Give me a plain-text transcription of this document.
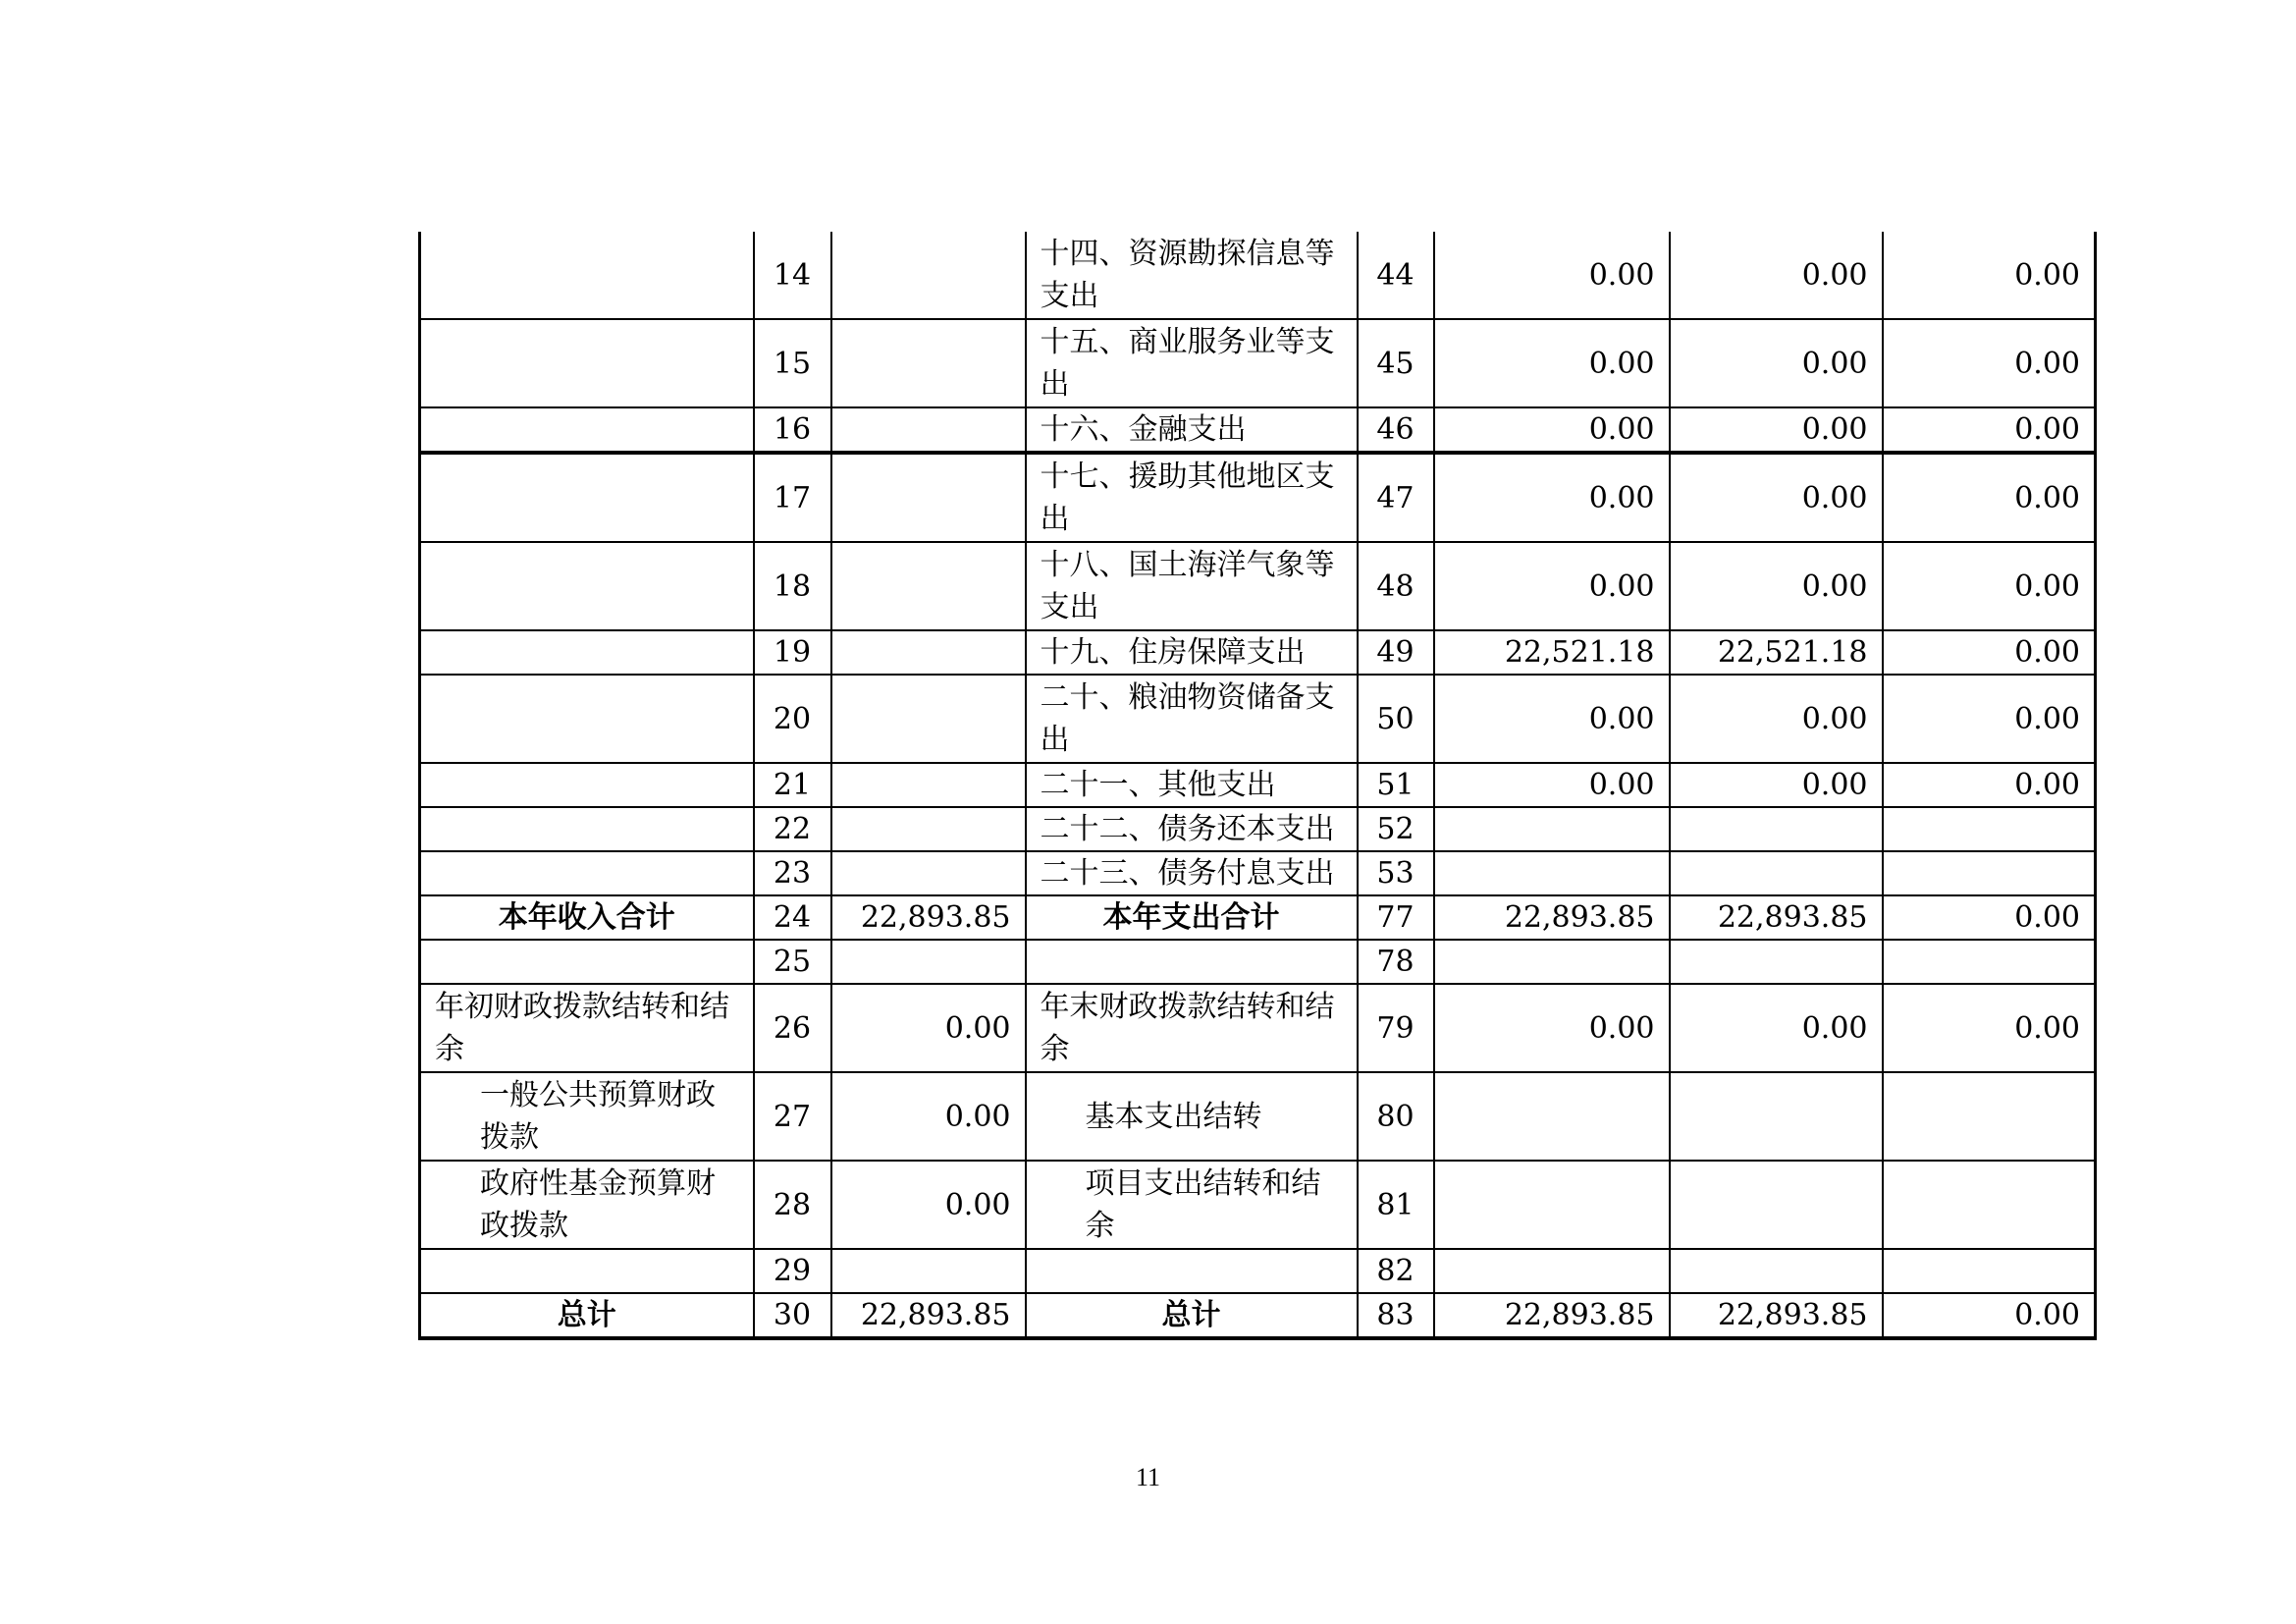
	14		十四、资源勘探信息等支出	44	0.00	0.00	0.00
	15		十五、商业服务业等支出	45	0.00	0.00	0.00
	16		十六、金融支出	46	0.00	0.00	0.00
	17		十七、援助其他地区支出	47	0.00	0.00	0.00
	18		十八、国土海洋气象等支出	48	0.00	0.00	0.00
	19		十九、住房保障支出	49	22,521.18	22,521.18	0.00
	20		二十、粮油物资储备支出	50	0.00	0.00	0.00
	21		二十一、其他支出	51	0.00	0.00	0.00
	22		二十二、债务还本支出	52			
	23		二十三、债务付息支出	53			
本年收入合计	24	22,893.85	本年支出合计	77	22,893.85	22,893.85	0.00
	25			78			
年初财政拨款结转和结余	26	0.00	年末财政拨款结转和结余	79	0.00	0.00	0.00
一般公共预算财政拨款	27	0.00	基本支出结转	80			
政府性基金预算财政拨款	28	0.00	项目支出结转和结余	81			
	29			82			
总计	30	22,893.85	总计	83	22,893.85	22,893.85	0.00
11
